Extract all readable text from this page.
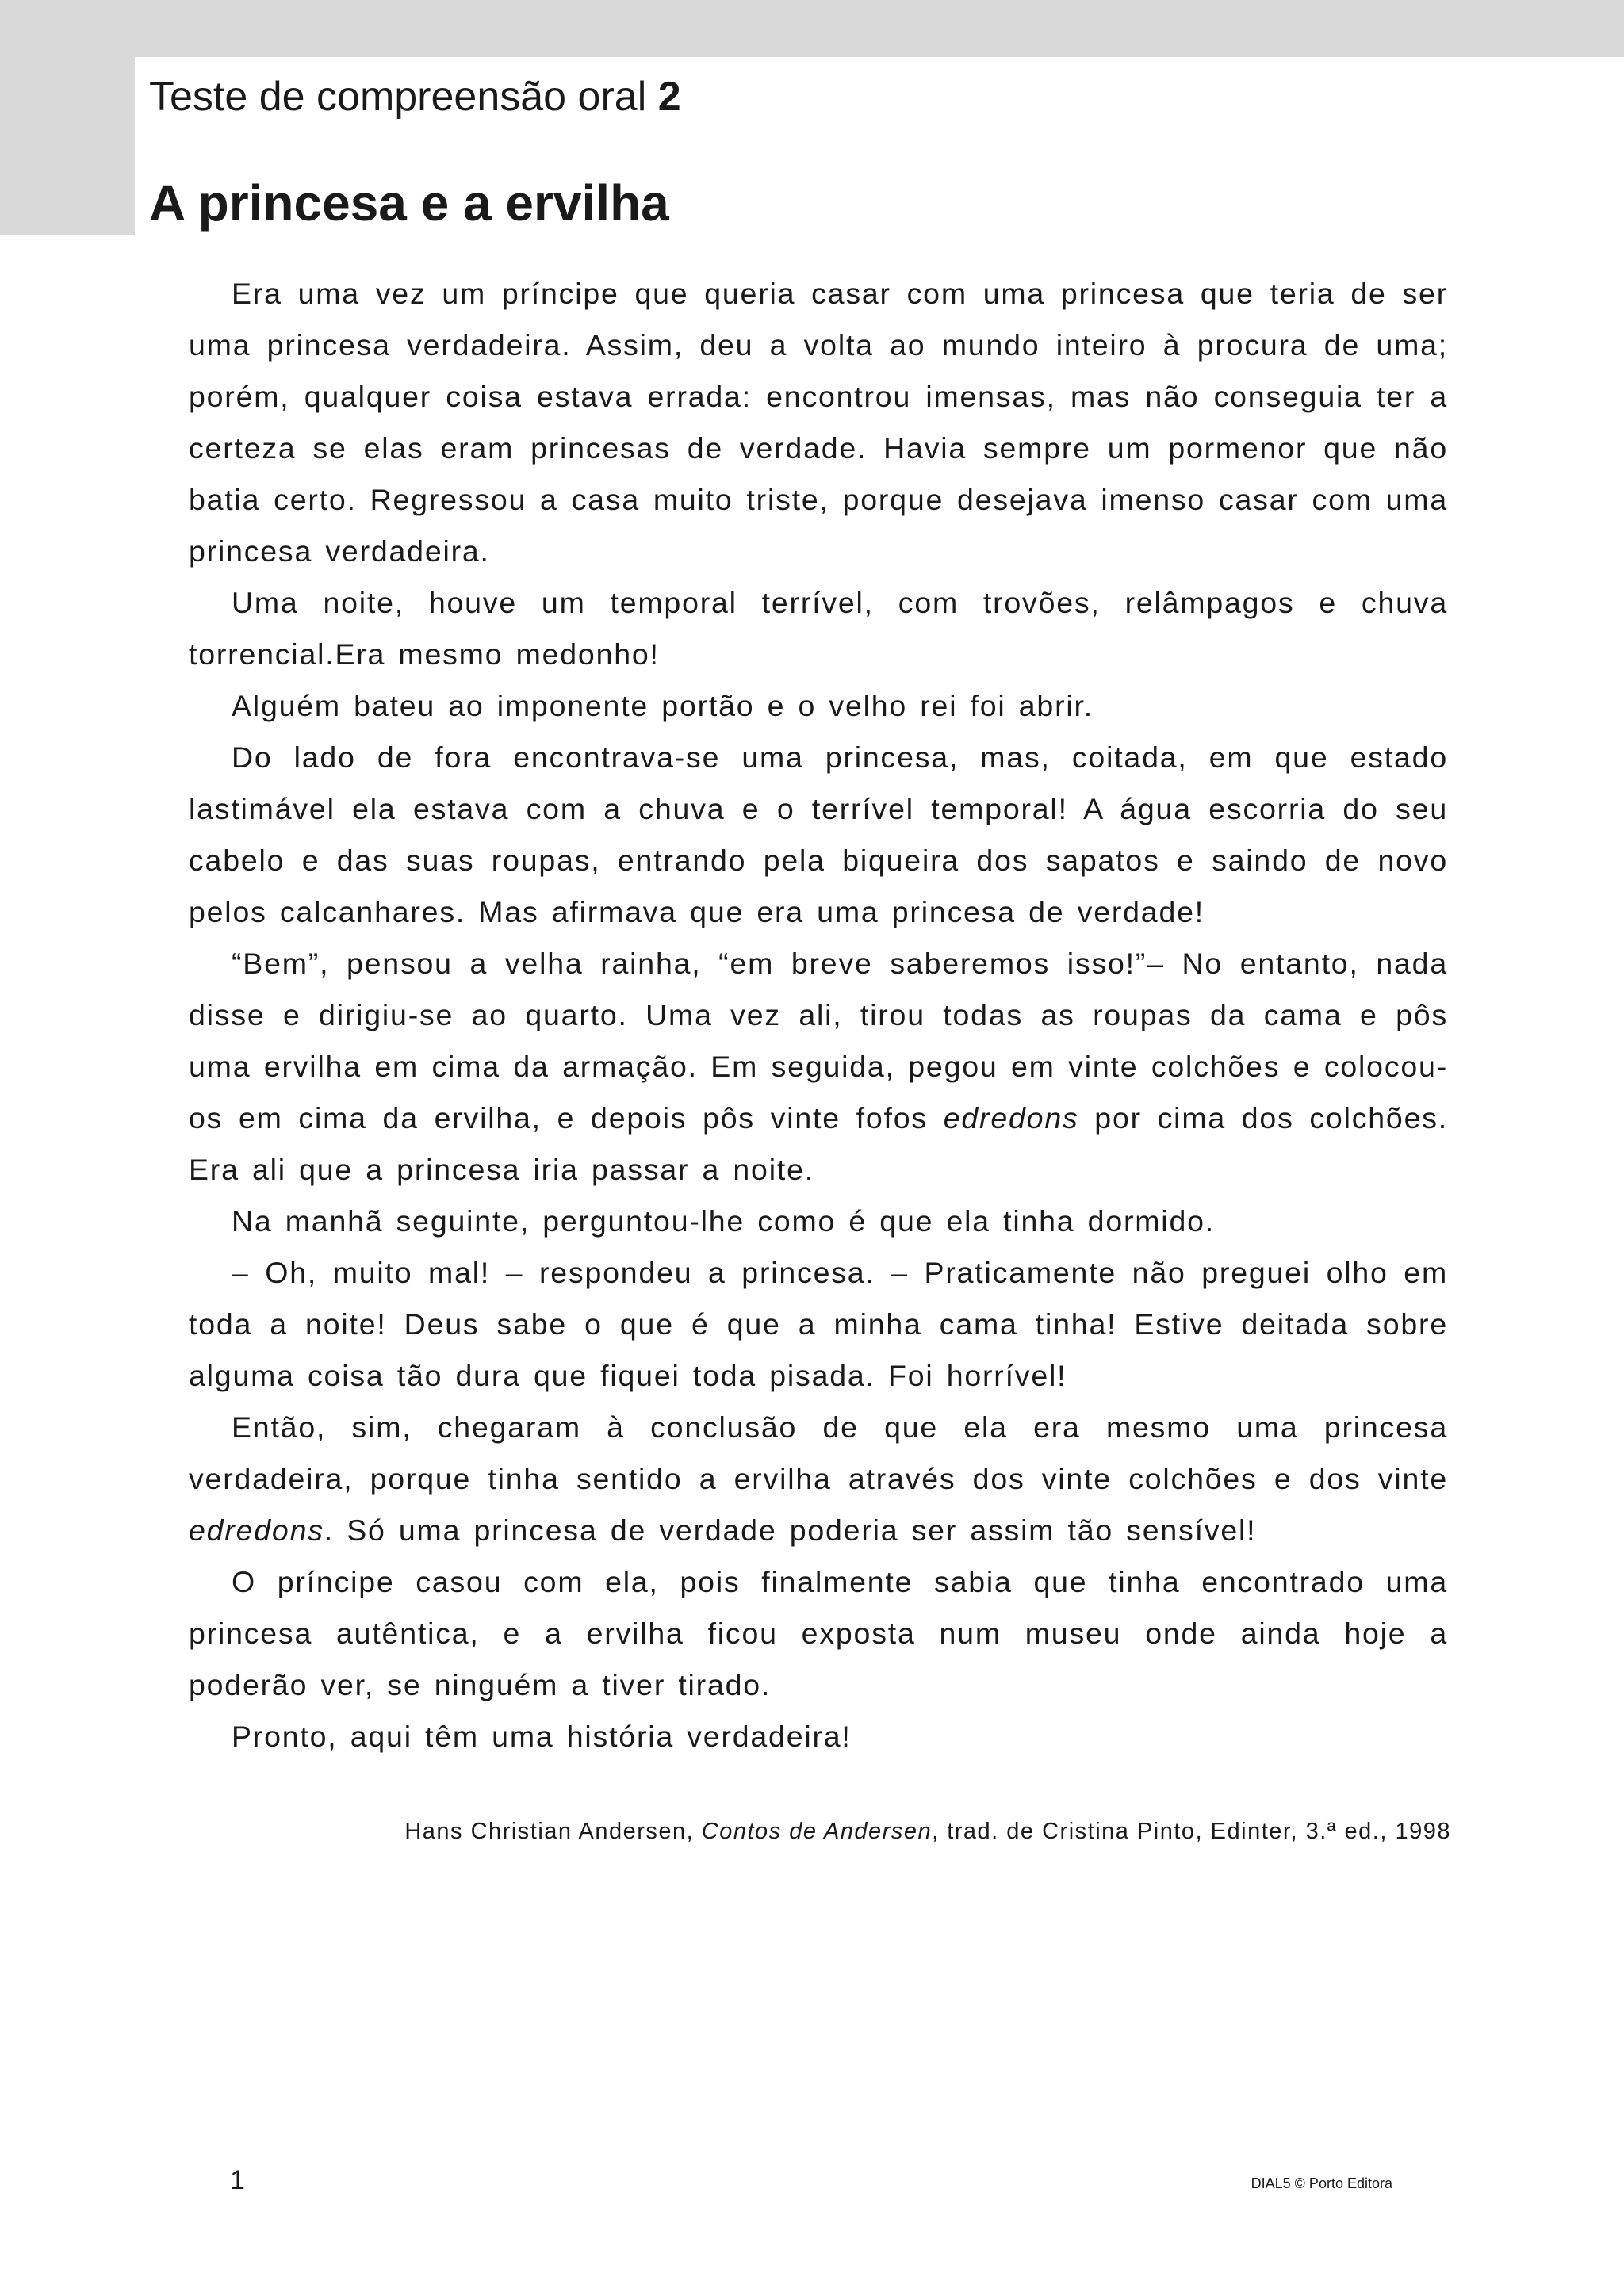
Teste de compreensão oral 2
A princesa e a ervilha

Era uma vez um príncipe que queria casar com uma princesa que teria de ser uma princesa verdadeira. Assim, deu a volta ao mundo inteiro à procura de uma; porém, qualquer coisa estava errada: encontrou imensas, mas não conseguia ter a certeza se elas eram princesas de verdade. Havia sempre um pormenor que não batia certo. Regressou a casa muito triste, porque desejava imenso casar com uma princesa verdadeira.

Uma noite, houve um temporal terrível, com trovões, relâmpagos e chuva torrencial.Era mesmo medonho!

Alguém bateu ao imponente portão e o velho rei foi abrir.

Do lado de fora encontrava-se uma princesa, mas, coitada, em que estado lastimável ela estava com a chuva e o terrível temporal! A água escorria do seu cabelo e das suas roupas, entrando pela biqueira dos sapatos e saindo de novo pelos calcanhares. Mas afirmava que era uma princesa de verdade!

“Bem”, pensou a velha rainha, “em breve saberemos isso!”– No entanto, nada disse e dirigiu-se ao quarto. Uma vez ali, tirou todas as roupas da cama e pôs uma ervilha em cima da armação. Em seguida, pegou em vinte colchões e colocou-os em cima da ervilha, e depois pôs vinte fofos edredons por cima dos colchões. Era ali que a princesa iria passar a noite.

Na manhã seguinte, perguntou-lhe como é que ela tinha dormido.

– Oh, muito mal! – respondeu a princesa. – Praticamente não preguei olho em toda a noite! Deus sabe o que é que a minha cama tinha! Estive deitada sobre alguma coisa tão dura que fiquei toda pisada. Foi horrível!

Então, sim, chegaram à conclusão de que ela era mesmo uma princesa verdadeira, porque tinha sentido a ervilha através dos vinte colchões e dos vinte edredons. Só uma princesa de verdade poderia ser assim tão sensível!

O príncipe casou com ela, pois finalmente sabia que tinha encontrado uma princesa autêntica, e a ervilha ficou exposta num museu onde ainda hoje a poderão ver, se ninguém a tiver tirado.

Pronto, aqui têm uma história verdadeira!

Hans Christian Andersen, Contos de Andersen, trad. de Cristina Pinto, Edinter, 3.ª ed., 1998
1	DIAL5 © Porto Editora
